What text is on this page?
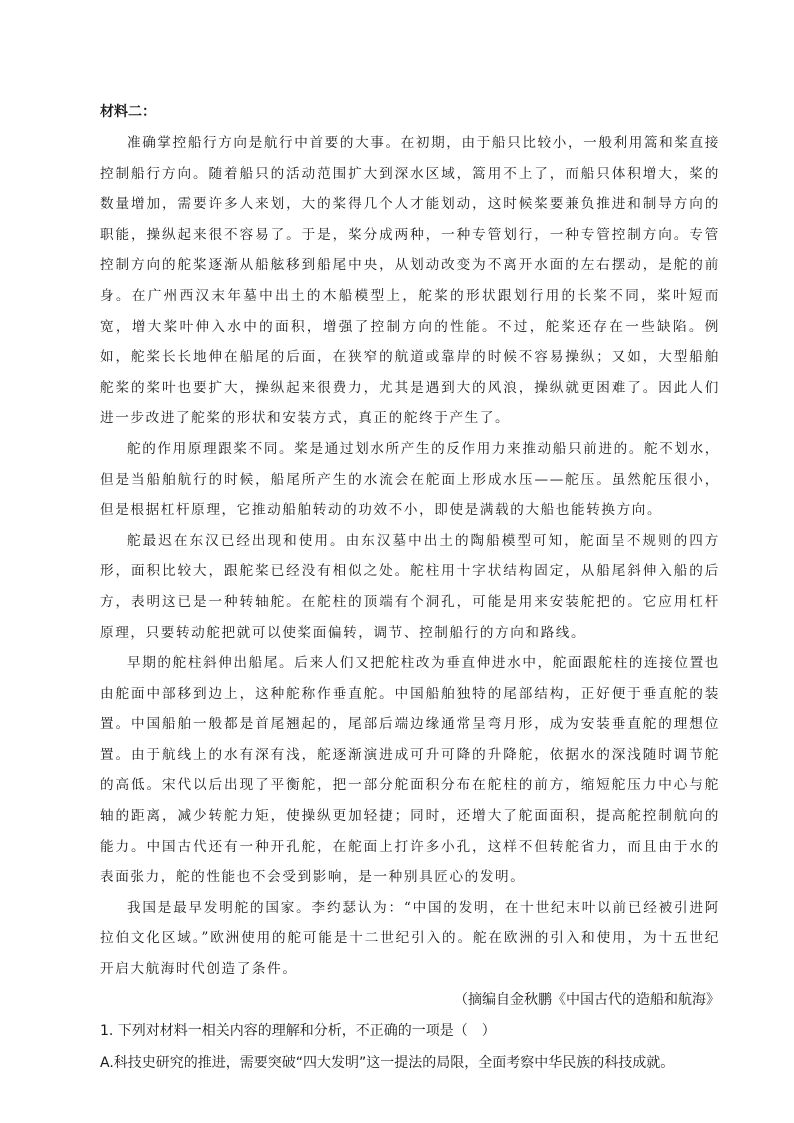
材料二：

准确掌控船行方向是航行中首要的大事。在初期，由于船只比较小，一般利用篙和桨直接控制船行方向。随着船只的活动范围扩大到深水区域，篙用不上了，而船只体积增大，桨的数量增加，需要许多人来划，大的桨得几个人才能划动，这时候桨要兼负推进和制导方向的职能，操纵起来很不容易了。于是，桨分成两种，一种专管划行，一种专管控制方向。专管控制方向的舵桨逐渐从船舷移到船尾中央，从划动改变为不离开水面的左右摆动，是舵的前身。在广州西汉末年墓中出土的木船模型上，舵桨的形状跟划行用的长桨不同，桨叶短而宽，增大桨叶伸入水中的面积，增强了控制方向的性能。不过，舵桨还存在一些缺陷。例如，舵桨长长地伸在船尾的后面，在狭窄的航道或靠岸的时候不容易操纵；又如，大型船舶舵桨的桨叶也要扩大，操纵起来很费力，尤其是遇到大的风浪，操纵就更困难了。因此人们进一步改进了舵桨的形状和安装方式，真正的舵终于产生了。

舵的作用原理跟桨不同。桨是通过划水所产生的反作用力来推动船只前进的。舵不划水，但是当船舶航行的时候，船尾所产生的水流会在舵面上形成水压——舵压。虽然舵压很小，但是根据杠杆原理，它推动船舶转动的功效不小，即使是满载的大船也能转换方向。

舵最迟在东汉已经出现和使用。由东汉墓中出土的陶船模型可知，舵面呈不规则的四方形，面积比较大，跟舵桨已经没有相似之处。舵柱用十字状结构固定，从船尾斜伸入船的后方，表明这已是一种转轴舵。在舵柱的顶端有个洞孔，可能是用来安装舵把的。它应用杠杆原理，只要转动舵把就可以使桨面偏转，调节、控制船行的方向和路线。

早期的舵柱斜伸出船尾。后来人们又把舵柱改为垂直伸进水中，舵面跟舵柱的连接位置也由舵面中部移到边上，这种舵称作垂直舵。中国船舶独特的尾部结构，正好便于垂直舵的装置。中国船舶一般都是首尾翘起的，尾部后端边缘通常呈弯月形，成为安装垂直舵的理想位置。由于航线上的水有深有浅，舵逐渐演进成可升可降的升降舵，依据水的深浅随时调节舵的高低。宋代以后出现了平衡舵，把一部分舵面积分布在舵柱的前方，缩短舵压力中心与舵轴的距离，减少转舵力矩，使操纵更加轻捷；同时，还增大了舵面面积，提高舵控制航向的能力。中国古代还有一种开孔舵，在舵面上打许多小孔，这样不但转舵省力，而且由于水的表面张力，舵的性能也不会受到影响，是一种别具匠心的发明。

我国是最早发明舵的国家。李约瑟认为：“中国的发明，在十世纪末叶以前已经被引进阿拉伯文化区域。”欧洲使用的舵可能是十二世纪引入的。舵在欧洲的引入和使用，为十五世纪开启大航海时代创造了条件。

（摘编自金秋鹏《中国古代的造船和航海》

1. 下列对材料一相关内容的理解和分析，不正确的一项是（　）

A.科技史研究的推进，需要突破“四大发明”这一提法的局限，全面考察中华民族的科技成就。
